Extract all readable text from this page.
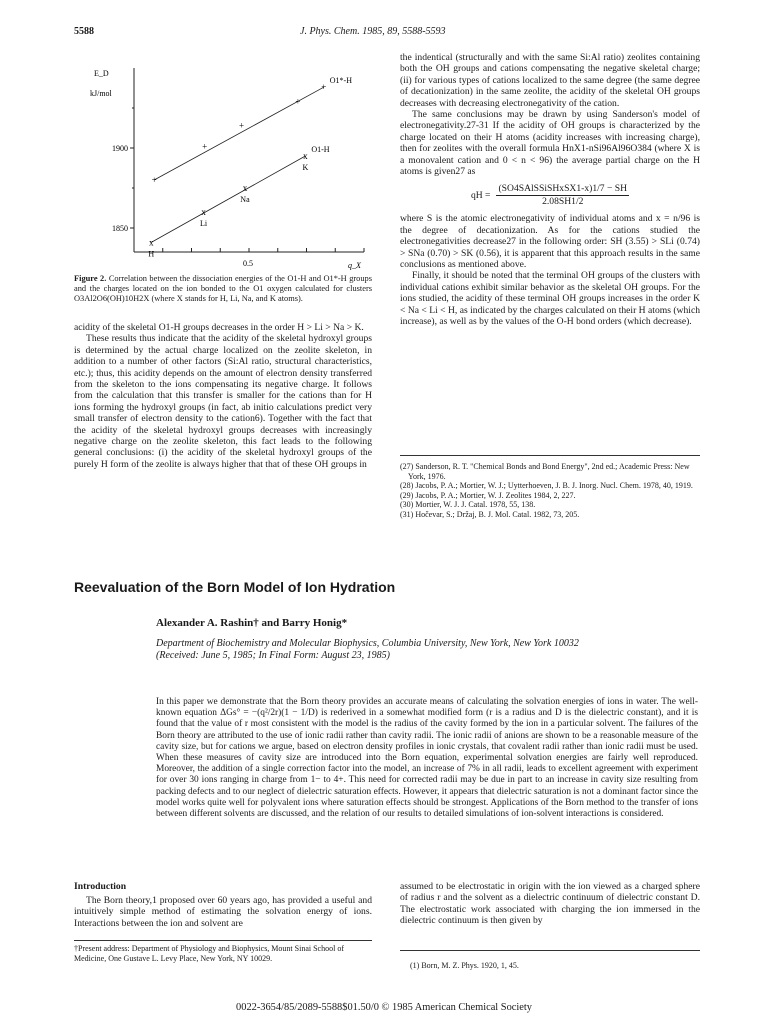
5588	J. Phys. Chem. 1985, 89, 5588-5593
E_D
kJ/mol
1900
1850
0.5	q_X
+
+
+
+
+
O1*-H
x
x
x
x
O1-H
H
Li
Na
K
Figure 2. Correlation between the dissociation energies of the O1-H and O1*-H groups and the charges located on the ion bonded to the O1 oxygen calculated for clusters O3Al2O6(OH)10H2X (where X stands for H, Li, Na, and K atoms).

acidity of the skeletal O1-H groups decreases in the order H > Li > Na > K.

These results thus indicate that the acidity of the skeletal hydroxyl groups is determined by the actual charge localized on the zeolite skeleton, in addition to a number of other factors (Si:Al ratio, structural characteristics, etc.); thus, this acidity depends on the amount of electron density transferred from the skeleton to the ions compensating its negative charge. It follows from the calculation that this transfer is smaller for the cations than for H ions forming the hydroxyl groups (in fact, ab initio calculations predict very small transfer of electron density to the cation6). Together with the fact that the acidity of the skeletal hydroxyl groups decreases with increasingly negative charge on the zeolite skeleton, this fact leads to the following general conclusions: (i) the acidity of the skeletal hydroxyl groups of the purely H form of the zeolite is always higher that that of these OH groups in

the indentical (structurally and with the same Si:Al ratio) zeolites containing both the OH groups and cations compensating the negative skeletal charge; (ii) for various types of cations localized to the same degree (the same degree of decationization) in the same zeolite, the acidity of the skeletal OH groups decreases with decreasing electronegativity of the cation.

The same conclusions may be drawn by using Sanderson's model of electronegativity.27-31 If the acidity of OH groups is characterized by the charge located on their H atoms (acidity increases with increasing charge), then for zeolites with the overall formula HnX1-nSi96Al96O384 (where X is a monovalent cation and 0 < n < 96) the average partial charge on the H atoms is given27 as

qH =
(SO4SAlSSiSHxSX1-x)1/7 − SH
2.08SH1/2

where S is the atomic electronegativity of individual atoms and x = n/96 is the degree of decationization. As for the cations studied the electronegativities decrease27 in the following order: SH (3.55) > SLi (0.74) > SNa (0.70) > SK (0.56), it is apparent that this approach results in the same conclusions as mentioned above.

Finally, it should be noted that the terminal OH groups of the clusters with individual cations exhibit similar behavior as the skeletal OH groups. For the ions studied, the acidity of these terminal OH groups increases in the order K < Na < Li < H, as indicated by the charges calculated on their H atoms (which increase), as well as by the values of the O-H bond orders (which decrease).

(27) Sanderson, R. T. "Chemical Bonds and Bond Energy", 2nd ed.; Academic Press: New York, 1976.
(28) Jacobs, P. A.; Mortier, W. J.; Uytterhoeven, J. B. J. Inorg. Nucl. Chem. 1978, 40, 1919.
(29) Jacobs, P. A.; Mortier, W. J. Zeolites 1984, 2, 227.
(30) Mortier, W. J. J. Catal. 1978, 55, 138.
(31) Hočevar, S.; Držaj, B. J. Mol. Catal. 1982, 73, 205.
Reevaluation of the Born Model of Ion Hydration
Alexander A. Rashin† and Barry Honig*
Department of Biochemistry and Molecular Biophysics, Columbia University, New York, New York 10032
(Received: June 5, 1985; In Final Form: August 23, 1985)
In this paper we demonstrate that the Born theory provides an accurate means of calculating the solvation energies of ions in water. The well-known equation ΔGs° = −(q²/2r)(1 − 1/D) is rederived in a somewhat modified form (r is a radius and D is the dielectric constant), and it is found that the value of r most consistent with the model is the radius of the cavity formed by the ion in a particular solvent. The failures of the Born theory are attributed to the use of ionic radii rather than cavity radii. The ionic radii of anions are shown to be a reasonable measure of the cavity size, but for cations we argue, based on electron density profiles in ionic crystals, that covalent radii rather than ionic radii must be used. When these measures of cavity size are introduced into the Born equation, experimental solvation energies are fairly well reproduced. Moreover, the addition of a single correction factor into the model, an increase of 7% in all radii, leads to excellent agreement with experiment for over 30 ions ranging in charge from 1− to 4+. This need for corrected radii may be due in part to an increase in cavity size resulting from packing defects and to our neglect of dielectric saturation effects. However, it appears that dielectric saturation is not a dominant factor since the model works quite well for polyvalent ions where saturation effects should be strongest. Applications of the Born method to the transfer of ions between different solvents are discussed, and the relation of our results to detailed simulations of ion-solvent interactions is considered.
Introduction

The Born theory,1 proposed over 60 years ago, has provided a useful and intuitively simple method of estimating the solvation energy of ions. Interactions between the ion and solvent are

assumed to be electrostatic in origin with the ion viewed as a charged sphere of radius r and the solvent as a dielectric continuum of dielectric constant D. The electrostatic work associated with charging the ion immersed in the dielectric continuum is then given by

†Present address: Department of Physiology and Biophysics, Mount Sinai School of Medicine, One Gustave L. Levy Place, New York, NY 10029.
(1) Born, M. Z. Phys. 1920, 1, 45.
0022-3654/85/2089-5588$01.50/0 © 1985 American Chemical Society
